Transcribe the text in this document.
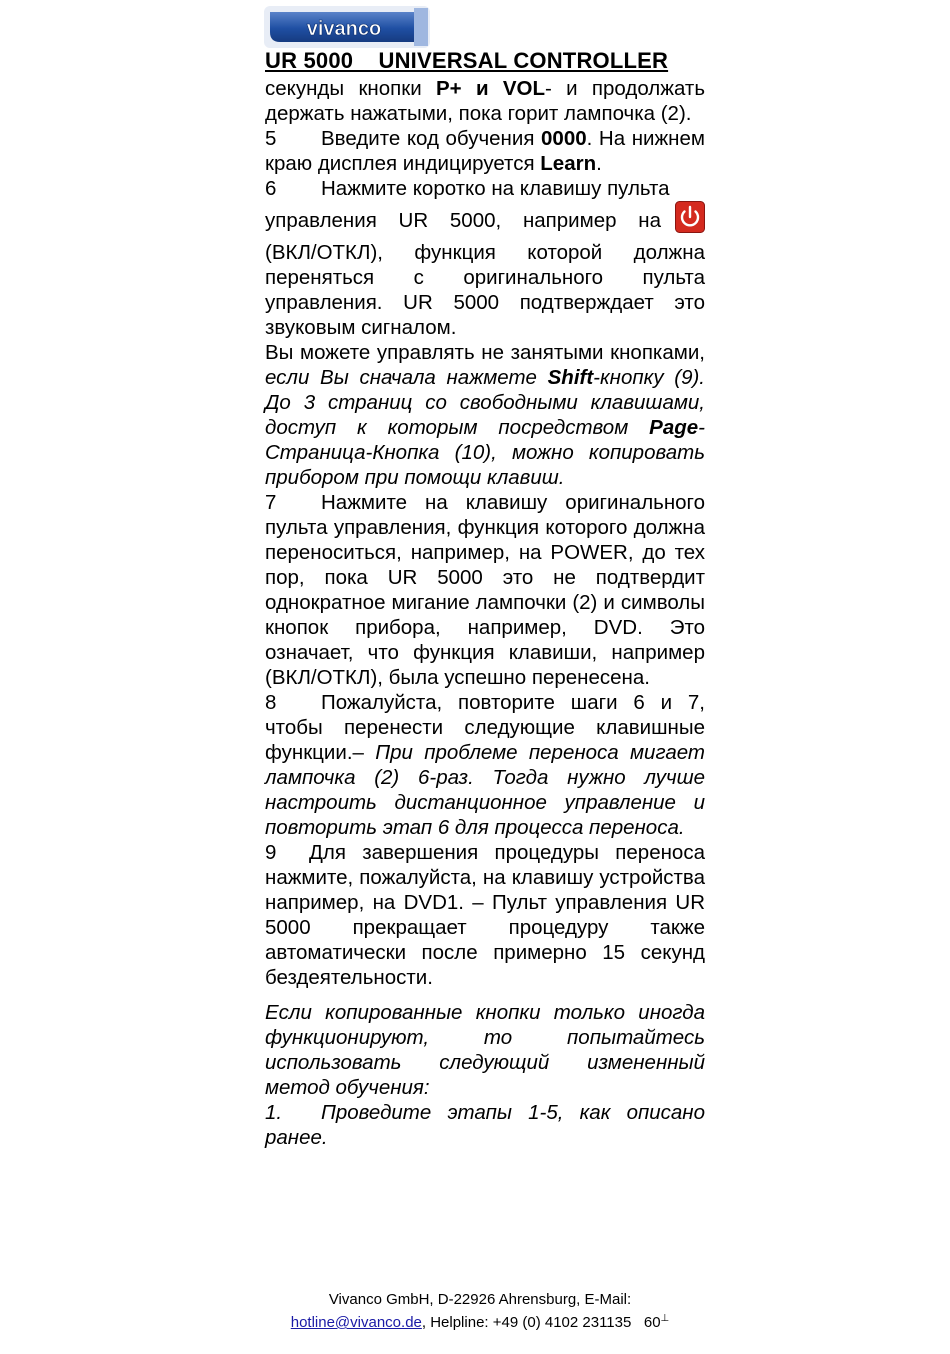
vivanco
UR 5000    UNIVERSAL CONTROLLER

секунды кнопки P+ и VOL- и продолжать держать нажатыми, пока горит лампочка (2).

5 Введите код обучения 0000. На нижнем краю дисплея индицируется Learn.

6 Нажмите коротко на клавишу пульта

управления UR 5000, например на

(ВКЛ/ОТКЛ), функция которой должна переняться с оригинального пульта управления. UR 5000 подтверждает это звуковым сигналом.

Вы можете управлять не занятыми кнопками, если Вы сначала нажмете Shift-кнопку (9). До 3 страниц со свободными клавишами, доступ к которым посредством Page-Страница-Кнопка (10), можно копировать прибором при помощи клавиш.

7 Нажмите на клавишу оригинального пульта управления, функция которого должна переноситься, например, на POWER, до тех пор, пока UR 5000 это не подтвердит однократное мигание лампочки (2) и символы кнопок прибора, например, DVD. Это означает, что функция клавиши, например (ВКЛ/ОТКЛ), была успешно перенесена.

8 Пожалуйста, повторите шаги 6 и 7, чтобы перенести следующие клавишные функции.– При проблеме переноса мигает лампочка (2) 6-раз. Тогда нужно лучше настроить дистанционное управление и повторить этап 6 для процесса переноса.

9 Для завершения процедуры переноса нажмите, пожалуйста, на клавишу устройства например, на DVD1. – Пульт управления UR 5000 прекращает процедуру также автоматически после примерно 15 секунд бездеятельности.

Если копированные кнопки только иногда функционируют, то попытайтесь использовать следующий измененный метод обучения:

1. Проведите этапы 1-5, как описано ранее.

Vivanco GmbH, D-22926 Ahrensburg, E-Mail:
hotline@vivanco.de, Helpline: +49 (0) 4102 231135 60⊥
